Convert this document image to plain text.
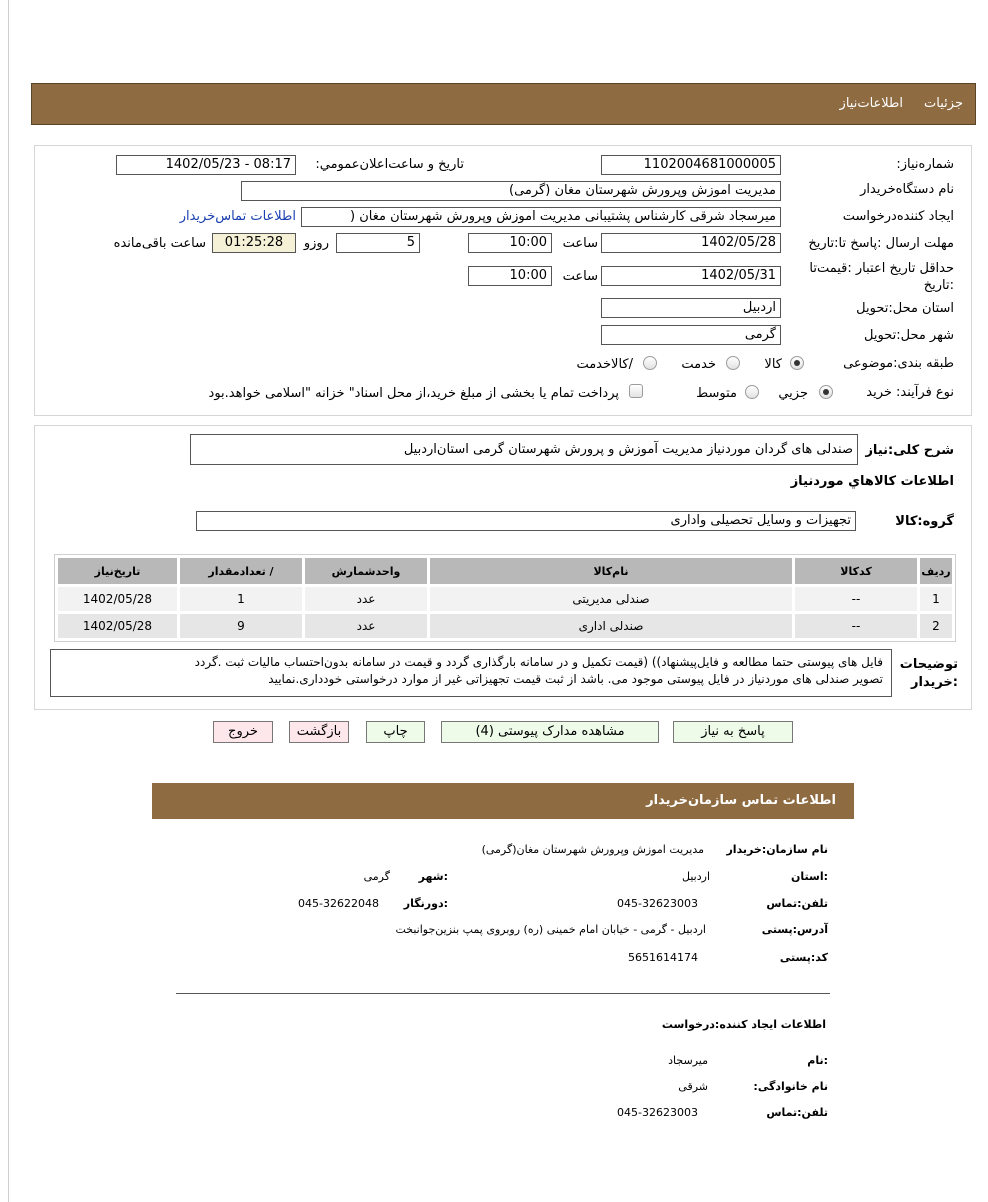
جزئیات
اطلاعات‌نیاز
شماره‌نیاز:
1102004681000005
تاریخ و ساعت‌اعلان‌عمومي:
1402/05/23 - 08:17
نام دستگاه‌خریدار
مدیریت اموزش وپرورش شهرستان مغان (گرمی)
ایجاد کننده‌درخواست
میرسجاد شرقی کارشناس پشتیبانی مدیریت اموزش وپرورش شهرستان مغان (
اطلاعات تماس‌خریدار
مهلت ارسال :پاسخ تا:تاریخ
1402/05/28
ساعت
10:00
5
روزو
01:25:28
ساعت باقی‌مانده
حداقل تاریخ اعتبار :قیمت‌تا
:تاریخ
1402/05/31
ساعت
10:00
استان محل:تحویل
اردبیل
شهر محل:تحویل
گرمی
طبقه بندی:موضوعی
کالا
خدمت
/کالاخدمت
نوع فرآیند: خرید
جزيي
متوسط
پرداخت تمام یا بخشی از مبلغ خرید،از محل اسناد" خزانه "اسلامی خواهد.بود
شرح کلی:نیاز
صندلی های گردان موردنیاز مدیریت آموزش و پرورش شهرستان گرمی استان‌اردبیل
اطلاعات کالاهاي موردنياز
گروه:کالا
تجهیزات و وسایل تحصیلی واداری
ردیف	کدکالا	نام‌کالا	واحدشمارش	/ تعدادمقدار	تاریخ‌نیاز
1	--	صندلی مدیریتی	عدد	1	1402/05/28
2	--	صندلی اداری	عدد	9	1402/05/28
توضیحات
:خریدار
فایل های پیوستی حتما مطالعه و فایل‌پیشنهاد)) (قیمت تکمیل و در سامانه بارگذاری گردد و قیمت در سامانه بدون‌احتساب مالیات ثبت .گردد
تصویر صندلی های موردنیاز در فایل پیوستی موجود می. باشد از ثبت قیمت تجهیزاتی غیر از موارد درخواستی خودداری.نمایید
پاسخ به نیاز
مشاهده مدارک پیوستی (4)
چاپ
بازگشت
خروج
اطلاعات تماس سازمان‌خریدار
نام سازمان:خریدار
مدیریت اموزش وپرورش شهرستان مغان(گرمی)
:استان
اردبیل
:شهر
گرمی
تلفن:تماس
045-32623003
:دورنگار
045-32622048
آدرس:پستی
اردبیل - گرمی - خیابان امام خمینی (ره) روبروی پمپ بنزین‌جوانبخت
کد:پستی
5651614174
اطلاعات ایجاد کننده:درخواست
:نام
میرسجاد
نام خانوادگی:
شرقی
تلفن:تماس
045-32623003
